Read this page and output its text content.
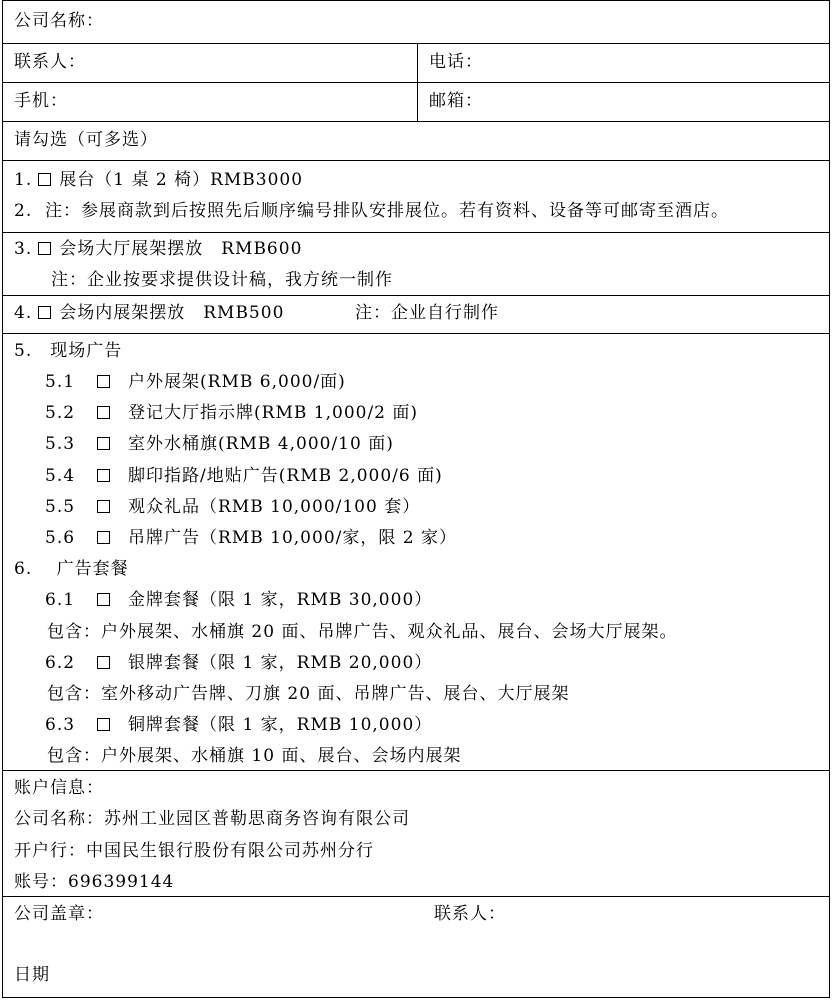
公司名称：
联系人：	电话：
手机：	邮箱：
请勾选（可多选）
1. 展台（1 桌 2 椅）RMB3000
2. 注：参展商款到后按照先后顺序编号排队安排展位。若有资料、设备等可邮寄至酒店。
3. 会场大厅展架摆放　RMB600
注：企业按要求提供设计稿，我方统一制作
4. 会场内展架摆放　RMB500	注：企业自行制作
5.　现场广告
5.1	户外展架(RMB 6,000/面)
5.2	登记大厅指示牌(RMB 1,000/2 面)
5.3	室外水桶旗(RMB 4,000/10 面)
5.4	脚印指路/地贴广告(RMB 2,000/6 面)
5.5	观众礼品（RMB 10,000/100 套）
5.6	吊牌广告（RMB 10,000/家，限 2 家）
6.　 广告套餐
6.1	金牌套餐（限 1 家，RMB 30,000）
包含：户外展架、水桶旗 20 面、吊牌广告、观众礼品、展台、会场大厅展架。
6.2	银牌套餐（限 1 家，RMB 20,000）
包含：室外移动广告牌、刀旗 20 面、吊牌广告、展台、大厅展架
6.3	铜牌套餐（限 1 家，RMB 10,000）
包含：户外展架、水桶旗 10 面、展台、会场内展架
账户信息：
公司名称：苏州工业园区普勒思商务咨询有限公司
开户行：中国民生银行股份有限公司苏州分行
账号：696399144
公司盖章：	联系人：
日期
